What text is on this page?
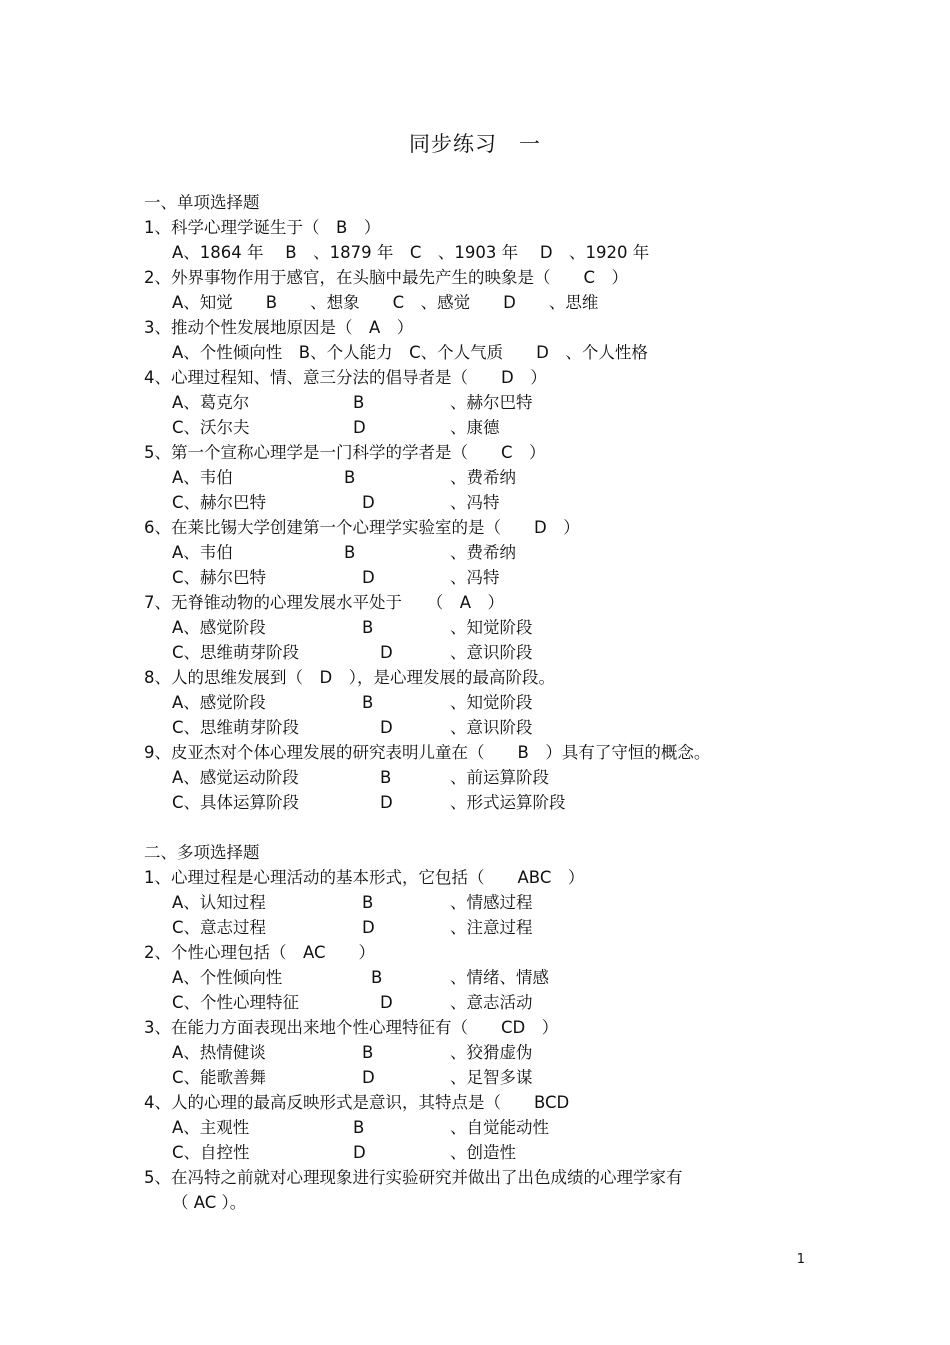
同步练习　一
一、单项选择题
1、科学心理学诞生于（　B　）
A、1864 年　 B　、1879 年　C　、1903 年　 D　、1920 年
2、外界事物作用于感官，在头脑中最先产生的映象是（　　C　）
A、知觉　　B　　、想象　　C　、感觉　　D　　、思维
3、推动个性发展地原因是（　A　）
A、个性倾向性　B、个人能力　C、个人气质　　D　、个人性格
4、心理过程知、情、意三分法的倡导者是（　　D　）
A、葛克尔	B	、赫尔巴特
C、沃尔夫	D	、康德
5、第一个宣称心理学是一门科学的学者是（　　C　）
A、韦伯	B	、费希纳
C、赫尔巴特	D	、冯特
6、在莱比锡大学创建第一个心理学实验室的是（　　D　）
A、韦伯	B	、费希纳
C、赫尔巴特	D	、冯特
7、无脊锥动物的心理发展水平处于　　（　A　）
A、感觉阶段	B	、知觉阶段
C、思维萌芽阶段	D	、意识阶段
8、人的思维发展到（　D　），是心理发展的最高阶段。
A、感觉阶段	B	、知觉阶段
C、思维萌芽阶段	D	、意识阶段
9、皮亚杰对个体心理发展的研究表明儿童在（　　B　）具有了守恒的概念。
A、感觉运动阶段	B	、前运算阶段
C、具体运算阶段	D	、形式运算阶段
二、多项选择题
1、心理过程是心理活动的基本形式，它包括（　　ABC　）
A、认知过程	B	、情感过程
C、意志过程	D	、注意过程
2、个性心理包括（　AC　　）
A、个性倾向性	B	、情绪、情感
C、个性心理特征	D	、意志活动
3、在能力方面表现出来地个性心理特征有（　　CD　）
A、热情健谈	B	、狡猾虚伪
C、能歌善舞	D	、足智多谋
4、人的心理的最高反映形式是意识，其特点是（　　BCD
A、主观性	B	、自觉能动性
C、自控性	D	、创造性
5、在冯特之前就对心理现象进行实验研究并做出了出色成绩的心理学家有
（ AC ）。
1
